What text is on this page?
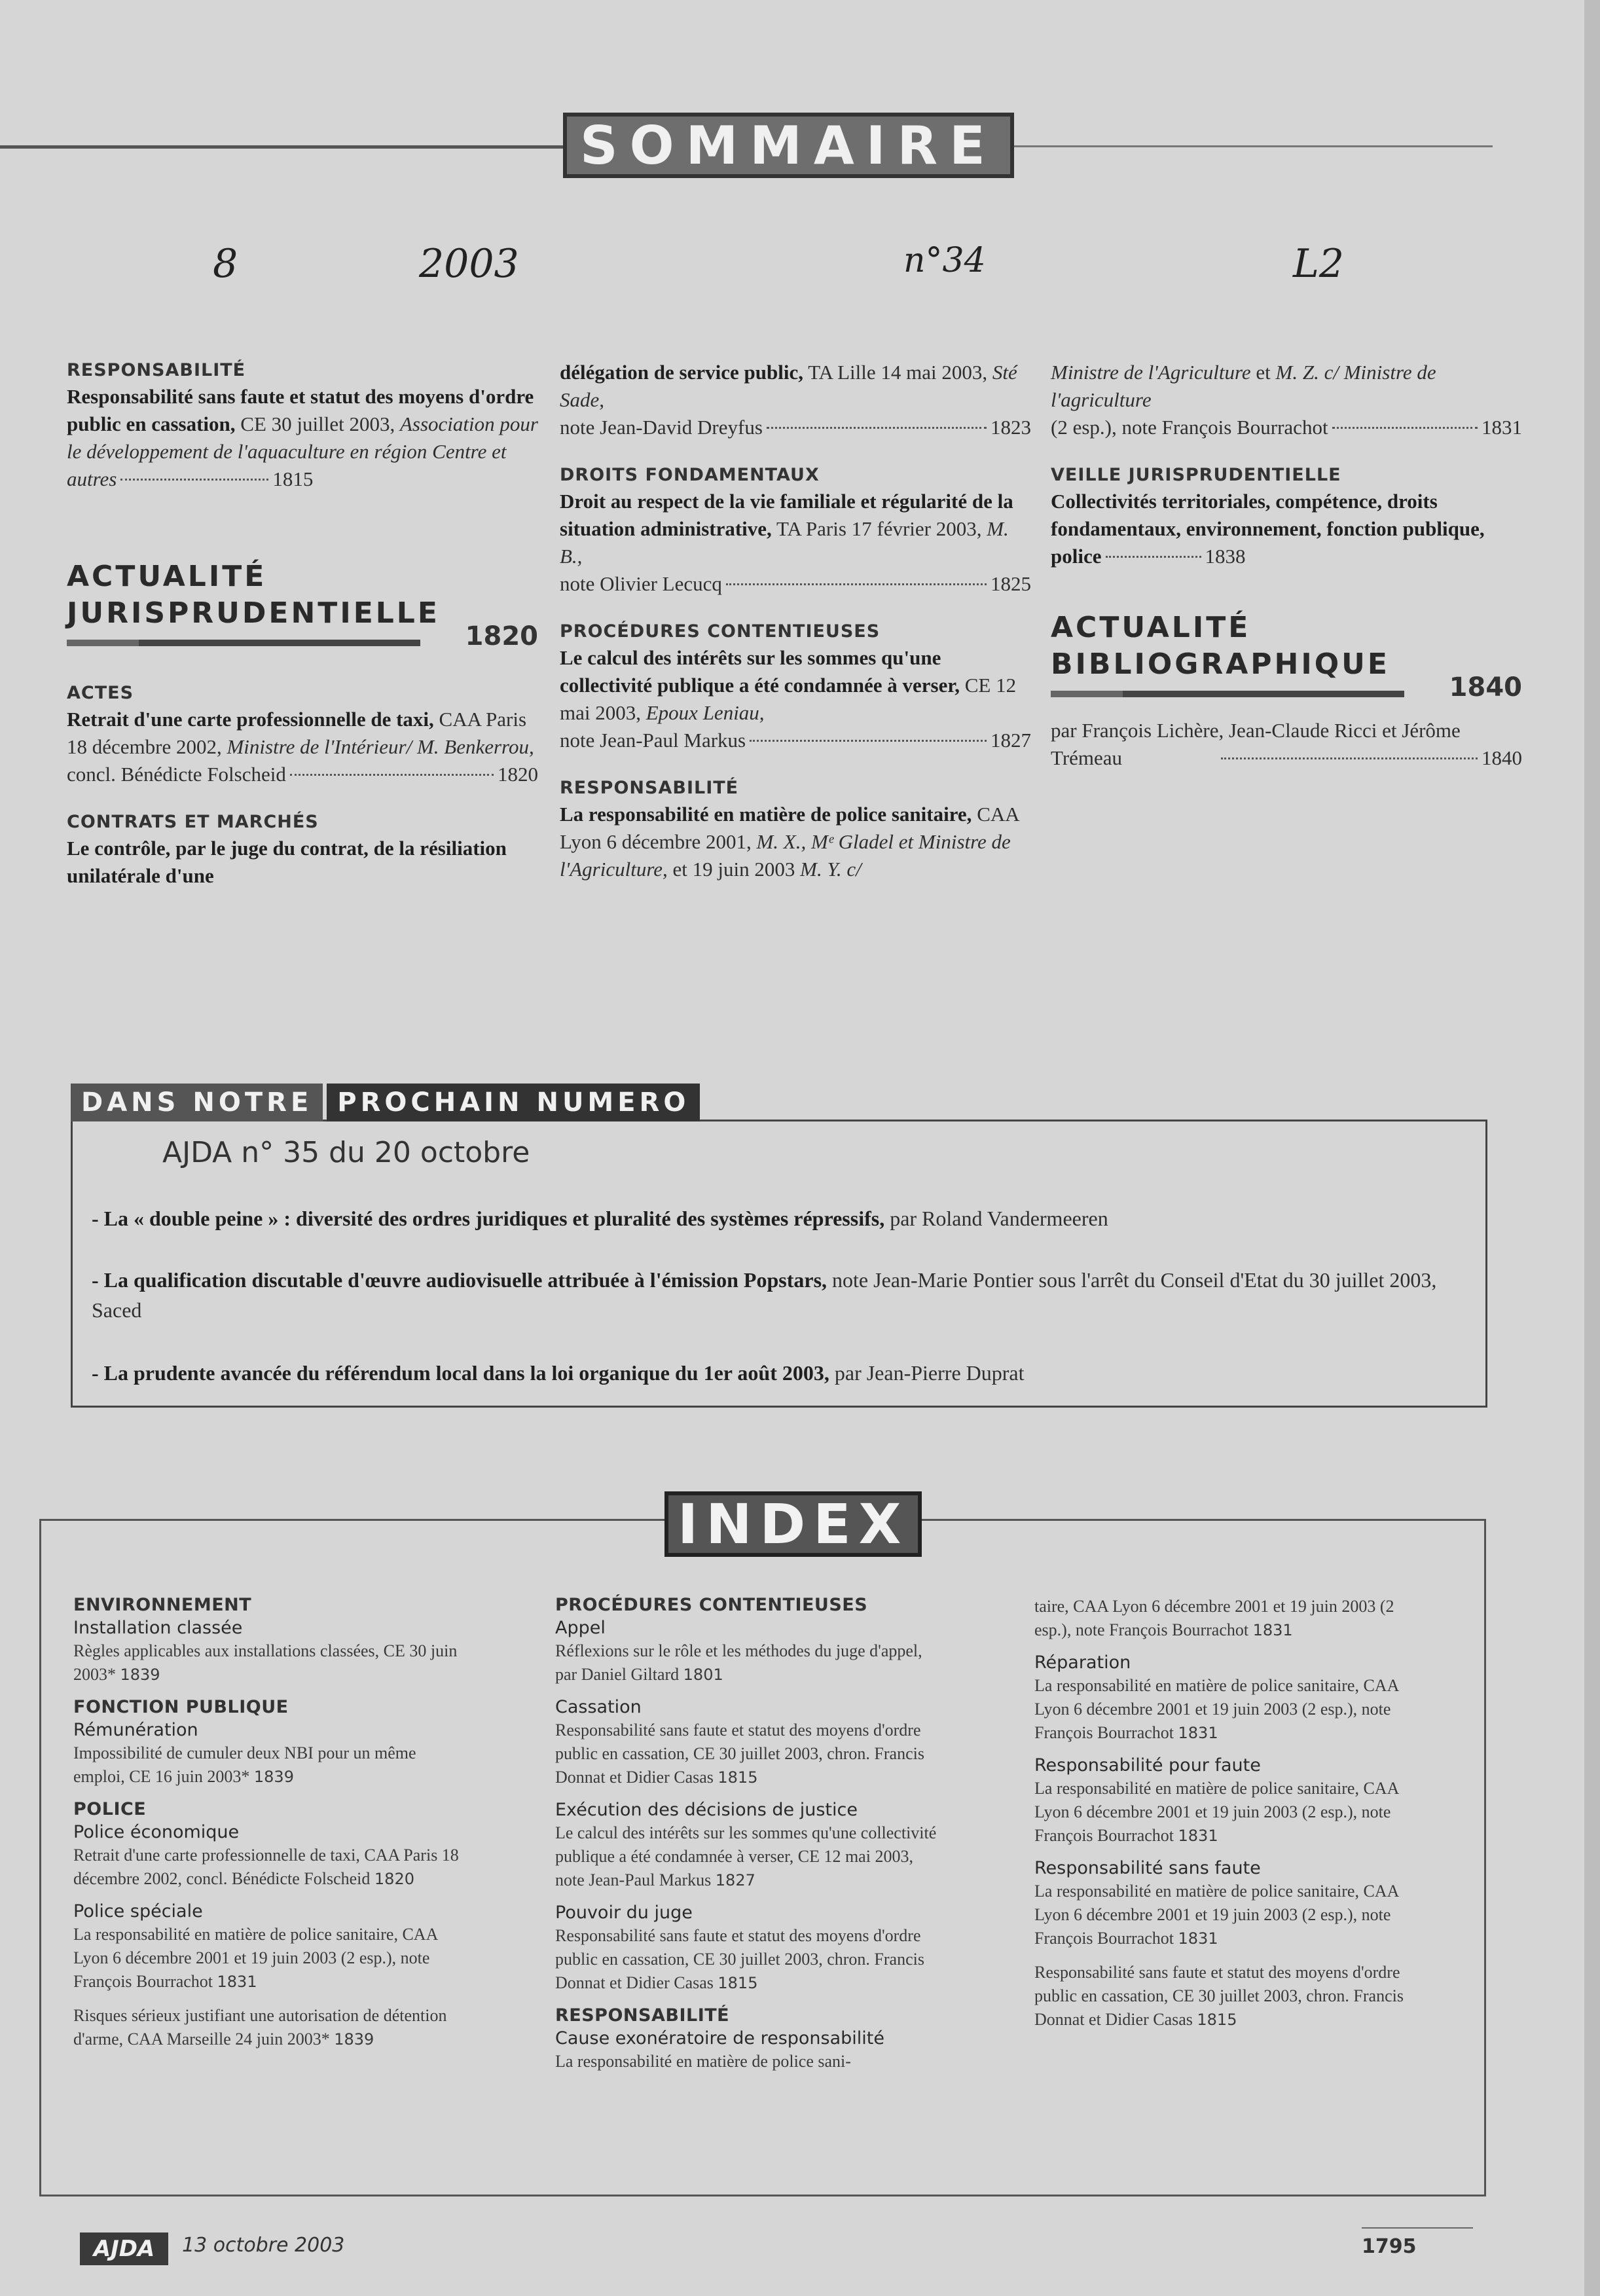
SOMMAIRE
8	2003	n°34	L2
RESPONSABILITÉ
Responsabilité sans faute et statut des moyens d'ordre public en cassation, CE 30 juillet 2003, Association pour le développement de l'aquaculture en région Centre et autres	1815
ACTUALITÉ
JURISPRUDENTIELLE
1820
ACTES
Retrait d'une carte professionnelle de taxi, CAA Paris 18 décembre 2002, Ministre de l'Intérieur/ M. Benkerrou,
concl. Bénédicte Folscheid	1820
CONTRATS ET MARCHÉS
Le contrôle, par le juge du contrat, de la résiliation unilatérale d'une
délégation de service public, TA Lille 14 mai 2003, Sté Sade,
note Jean-David Dreyfus	1823
DROITS FONDAMENTAUX
Droit au respect de la vie familiale et régularité de la situation administrative, TA Paris 17 février 2003, M. B.,
note Olivier Lecucq	1825
PROCÉDURES CONTENTIEUSES
Le calcul des intérêts sur les sommes qu'une collectivité publique a été condamnée à verser, CE 12 mai 2003, Epoux Leniau,
note Jean-Paul Markus	1827
RESPONSABILITÉ
La responsabilité en matière de police sanitaire, CAA Lyon 6 décembre 2001, M. X., Mᵉ Gladel et Ministre de l'Agriculture, et 19 juin 2003 M. Y. c/
Ministre de l'Agriculture et M. Z. c/ Ministre de l'agriculture
(2 esp.), note François Bourrachot	1831
VEILLE JURISPRUDENTIELLE
Collectivités territoriales, compétence, droits fondamentaux, environnement, fonction publique, police	1838
ACTUALITÉ
BIBLIOGRAPHIQUE
1840
par François Lichère, Jean-Claude Ricci et Jérôme Trémeau	1840
DANS NOTRE PROCHAIN NUMERO
AJDA n° 35 du 20 octobre
- La « double peine » : diversité des ordres juridiques et pluralité des systèmes répressifs, par Roland Vandermeeren
- La qualification discutable d'œuvre audiovisuelle attribuée à l'émission Popstars, note Jean-Marie Pontier sous l'arrêt du Conseil d'Etat du 30 juillet 2003, Saced
- La prudente avancée du référendum local dans la loi organique du 1er août 2003, par Jean-Pierre Duprat
INDEX
ENVIRONNEMENT
Installation classée
Règles applicables aux installations classées, CE 30 juin 2003* 1839
FONCTION PUBLIQUE
Rémunération
Impossibilité de cumuler deux NBI pour un même emploi, CE 16 juin 2003* 1839
POLICE
Police économique
Retrait d'une carte professionnelle de taxi, CAA Paris 18 décembre 2002, concl. Bénédicte Folscheid 1820
Police spéciale
La responsabilité en matière de police sanitaire, CAA Lyon 6 décembre 2001 et 19 juin 2003 (2 esp.), note François Bourrachot 1831
Risques sérieux justifiant une autorisation de détention d'arme, CAA Marseille 24 juin 2003* 1839
PROCÉDURES CONTENTIEUSES
Appel
Réflexions sur le rôle et les méthodes du juge d'appel, par Daniel Giltard 1801
Cassation
Responsabilité sans faute et statut des moyens d'ordre public en cassation, CE 30 juillet 2003, chron. Francis Donnat et Didier Casas 1815
Exécution des décisions de justice
Le calcul des intérêts sur les sommes qu'une collectivité publique a été condamnée à verser, CE 12 mai 2003, note Jean-Paul Markus 1827
Pouvoir du juge
Responsabilité sans faute et statut des moyens d'ordre public en cassation, CE 30 juillet 2003, chron. Francis Donnat et Didier Casas 1815
RESPONSABILITÉ
Cause exonératoire de responsabilité
La responsabilité en matière de police sani-
taire, CAA Lyon 6 décembre 2001 et 19 juin 2003 (2 esp.), note François Bourrachot 1831
Réparation
La responsabilité en matière de police sanitaire, CAA Lyon 6 décembre 2001 et 19 juin 2003 (2 esp.), note François Bourrachot 1831
Responsabilité pour faute
La responsabilité en matière de police sanitaire, CAA Lyon 6 décembre 2001 et 19 juin 2003 (2 esp.), note François Bourrachot 1831
Responsabilité sans faute
La responsabilité en matière de police sanitaire, CAA Lyon 6 décembre 2001 et 19 juin 2003 (2 esp.), note François Bourrachot 1831
Responsabilité sans faute et statut des moyens d'ordre public en cassation, CE 30 juillet 2003, chron. Francis Donnat et Didier Casas 1815
AJDA	13 octobre 2003	1795
